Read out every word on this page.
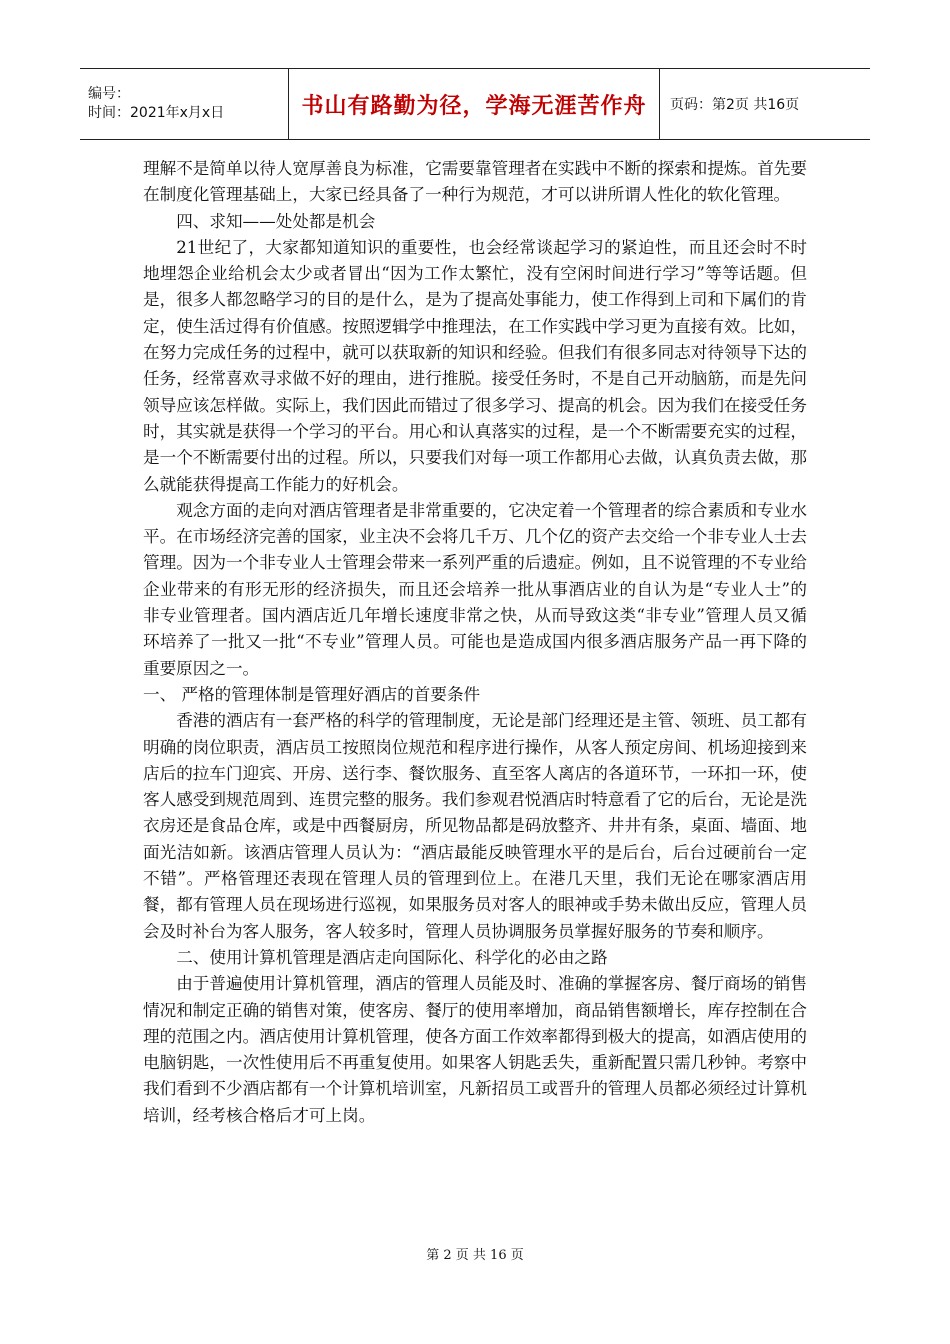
编号：
时间：2021年x月x日	书山有路勤为径，学海无涯苦作舟	页码：第2页 共16页

理解不是简单以待人宽厚善良为标准，它需要靠管理者在实践中不断的探索和提炼。首先要在制度化管理基础上，大家已经具备了一种行为规范，才可以讲所谓人性化的软化管理。

四、求知——处处都是机会

21世纪了，大家都知道知识的重要性，也会经常谈起学习的紧迫性，而且还会时不时地埋怨企业给机会太少或者冒出“因为工作太繁忙，没有空闲时间进行学习”等等话题。但是，很多人都忽略学习的目的是什么，是为了提高处事能力，使工作得到上司和下属们的肯定，使生活过得有价值感。按照逻辑学中推理法，在工作实践中学习更为直接有效。比如，在努力完成任务的过程中，就可以获取新的知识和经验。但我们有很多同志对待领导下达的任务，经常喜欢寻求做不好的理由，进行推脱。接受任务时，不是自己开动脑筋，而是先问领导应该怎样做。实际上，我们因此而错过了很多学习、提高的机会。因为我们在接受任务时，其实就是获得一个学习的平台。用心和认真落实的过程，是一个不断需要充实的过程，是一个不断需要付出的过程。所以，只要我们对每一项工作都用心去做，认真负责去做，那么就能获得提高工作能力的好机会。

观念方面的走向对酒店管理者是非常重要的，它决定着一个管理者的综合素质和专业水平。在市场经济完善的国家，业主决不会将几千万、几个亿的资产去交给一个非专业人士去管理。因为一个非专业人士管理会带来一系列严重的后遗症。例如，且不说管理的不专业给企业带来的有形无形的经济损失，而且还会培养一批从事酒店业的自认为是“专业人士”的非专业管理者。国内酒店近几年增长速度非常之快，从而导致这类“非专业”管理人员又循环培养了一批又一批“不专业”管理人员。可能也是造成国内很多酒店服务产品一再下降的重要原因之一。

一、 严格的管理体制是管理好酒店的首要条件

香港的酒店有一套严格的科学的管理制度，无论是部门经理还是主管、领班、员工都有明确的岗位职责，酒店员工按照岗位规范和程序进行操作，从客人预定房间、机场迎接到来店后的拉车门迎宾、开房、送行李、餐饮服务、直至客人离店的各道环节，一环扣一环，使客人感受到规范周到、连贯完整的服务。我们参观君悦酒店时特意看了它的后台，无论是洗衣房还是食品仓库，或是中西餐厨房，所见物品都是码放整齐、井井有条，桌面、墙面、地面光洁如新。该酒店管理人员认为：“酒店最能反映管理水平的是后台，后台过硬前台一定不错”。严格管理还表现在管理人员的管理到位上。在港几天里，我们无论在哪家酒店用餐，都有管理人员在现场进行巡视，如果服务员对客人的眼神或手势未做出反应，管理人员会及时补台为客人服务，客人较多时，管理人员协调服务员掌握好服务的节奏和顺序。

二、使用计算机管理是酒店走向国际化、科学化的必由之路

由于普遍使用计算机管理，酒店的管理人员能及时、准确的掌握客房、餐厅商场的销售情况和制定正确的销售对策，使客房、餐厅的使用率增加，商品销售额增长，库存控制在合理的范围之内。酒店使用计算机管理，使各方面工作效率都得到极大的提高，如酒店使用的电脑钥匙，一次性使用后不再重复使用。如果客人钥匙丢失，重新配置只需几秒钟。考察中我们看到不少酒店都有一个计算机培训室，凡新招员工或晋升的管理人员都必须经过计算机培训，经考核合格后才可上岗。

第 2 页 共 16 页
